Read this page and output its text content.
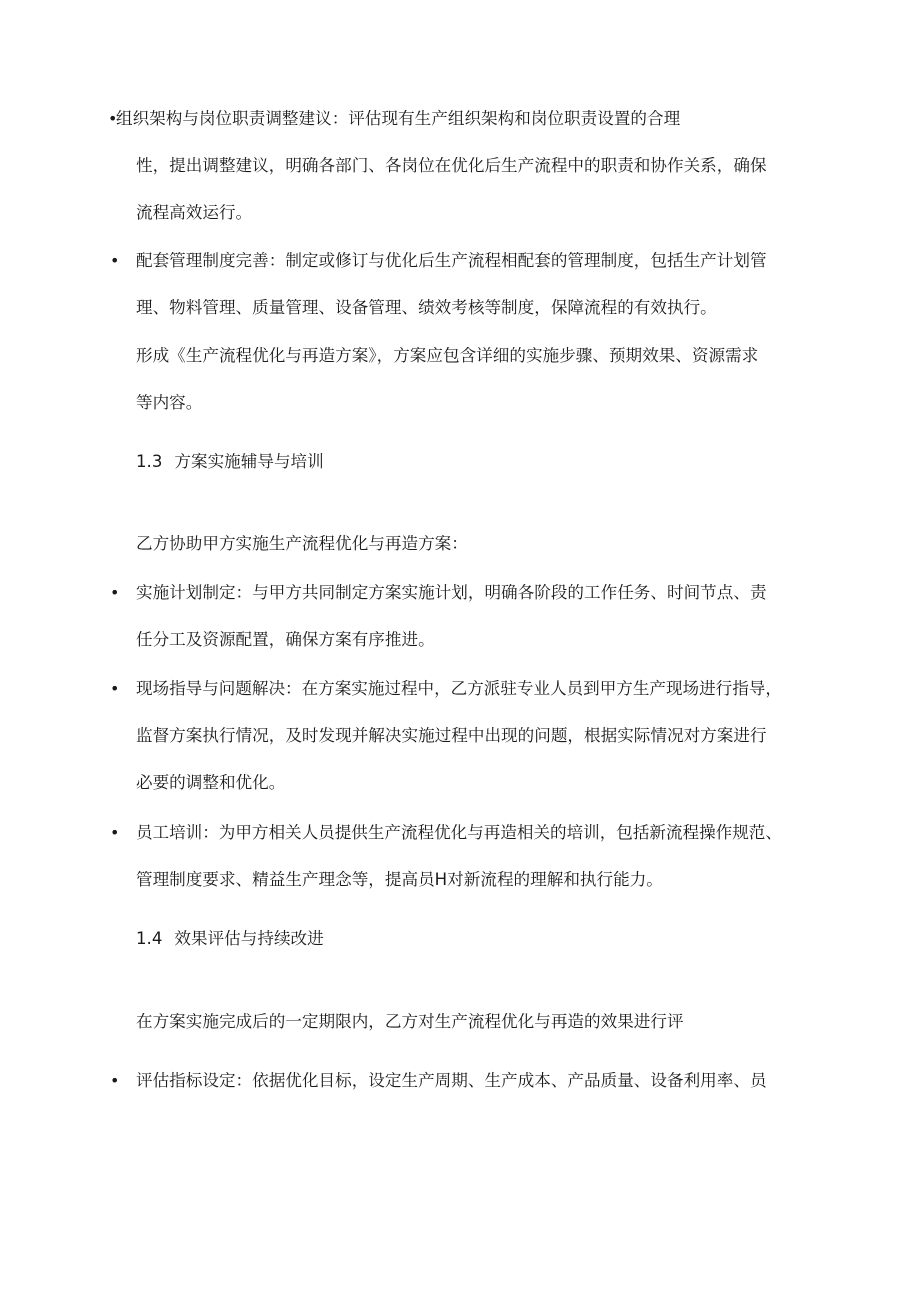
•
组织架构与岗位职责调整建议：评估现有生产组织架构和岗位职责设置的合理
性，提出调整建议，明确各部门、各岗位在优化后生产流程中的职责和协作关系，确保
流程高效运行。
• 配套管理制度完善：制定或修订与优化后生产流程相配套的管理制度，包括生产计划管
理、物料管理、质量管理、设备管理、绩效考核等制度，保障流程的有效执行。
形成《生产流程优化与再造方案》，方案应包含详细的实施步骤、预期效果、资源需求
等内容。
1.3 方案实施辅导与培训
乙方协助甲方实施生产流程优化与再造方案：
• 实施计划制定：与甲方共同制定方案实施计划，明确各阶段的工作任务、时间节点、责
任分工及资源配置，确保方案有序推进。
• 现场指导与问题解决：在方案实施过程中，乙方派驻专业人员到甲方生产现场进行指导，
监督方案执行情况，及时发现并解决实施过程中出现的问题，根据实际情况对方案进行
必要的调整和优化。
• 员工培训：为甲方相关人员提供生产流程优化与再造相关的培训，包括新流程操作规范、
管理制度要求、精益生产理念等，提高员H对新流程的理解和执行能力。
1.4 效果评估与持续改进
在方案实施完成后的一定期限内，乙方对生产流程优化与再造的效果进行评
• 评估指标设定：依据优化目标，设定生产周期、生产成本、产品质量、设备利用率、员
